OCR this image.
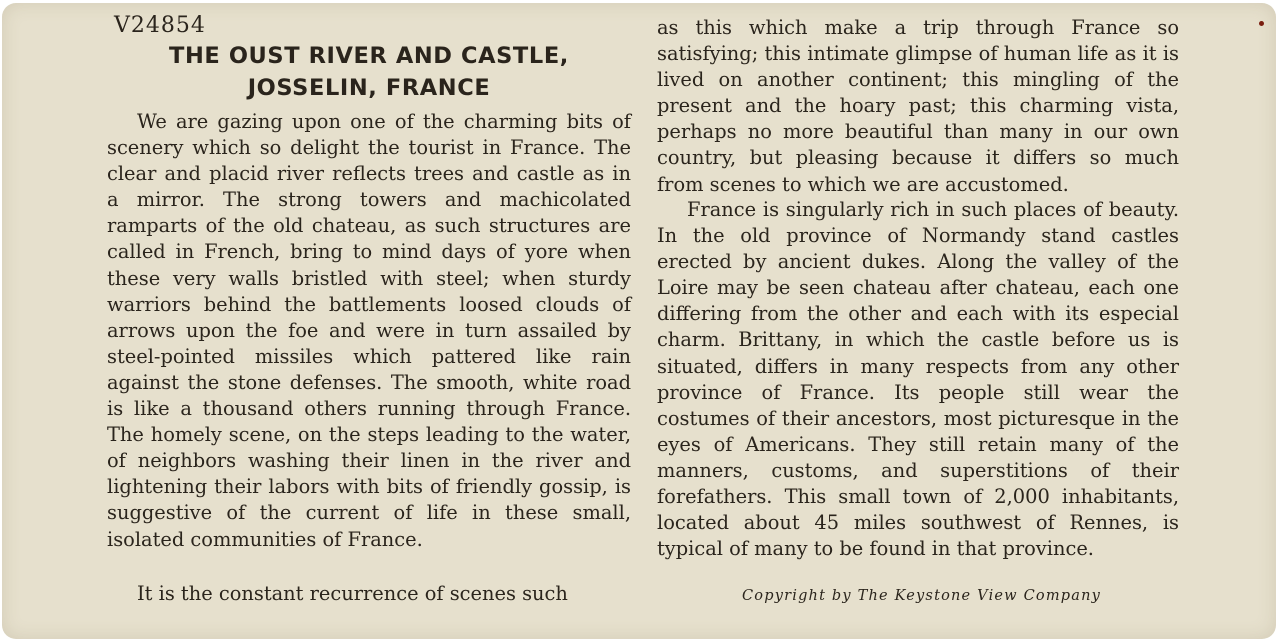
V24854
THE OUST RIVER AND CASTLE,
JOSSELIN, FRANCE

We are gazing upon one of the charming bits of scenery which so delight the tourist in France. The clear and placid river reflects trees and castle as in a mirror. The strong towers and machicolated ramparts of the old chateau, as such structures are called in French, bring to mind days of yore when these very walls bristled with steel; when sturdy warriors behind the battlements loosed clouds of arrows upon the foe and were in turn assailed by steel-pointed missiles which pattered like rain against the stone defenses. The smooth, white road is like a thousand others running through France. The homely scene, on the steps leading to the water, of neighbors washing their linen in the river and lightening their labors with bits of friendly gossip, is suggestive of the current of life in these small, isolated communities of France.

It is the constant recurrence of scenes such

as this which make a trip through France so satisfying; this intimate glimpse of human life as it is lived on another continent; this mingling of the present and the hoary past; this charming vista, perhaps no more beautiful than many in our own country, but pleasing because it differs so much from scenes to which we are accustomed.

France is singularly rich in such places of beauty. In the old province of Normandy stand castles erected by ancient dukes. Along the valley of the Loire may be seen chateau after chateau, each one differing from the other and each with its especial charm. Brittany, in which the castle before us is situated, differs in many respects from any other province of France. Its people still wear the costumes of their ancestors, most picturesque in the eyes of Americans. They still retain many of the manners, customs, and superstitions of their forefathers. This small town of 2,000 inhabitants, located about 45 miles southwest of Rennes, is typical of many to be found in that province.

Copyright by The Keystone View Company
